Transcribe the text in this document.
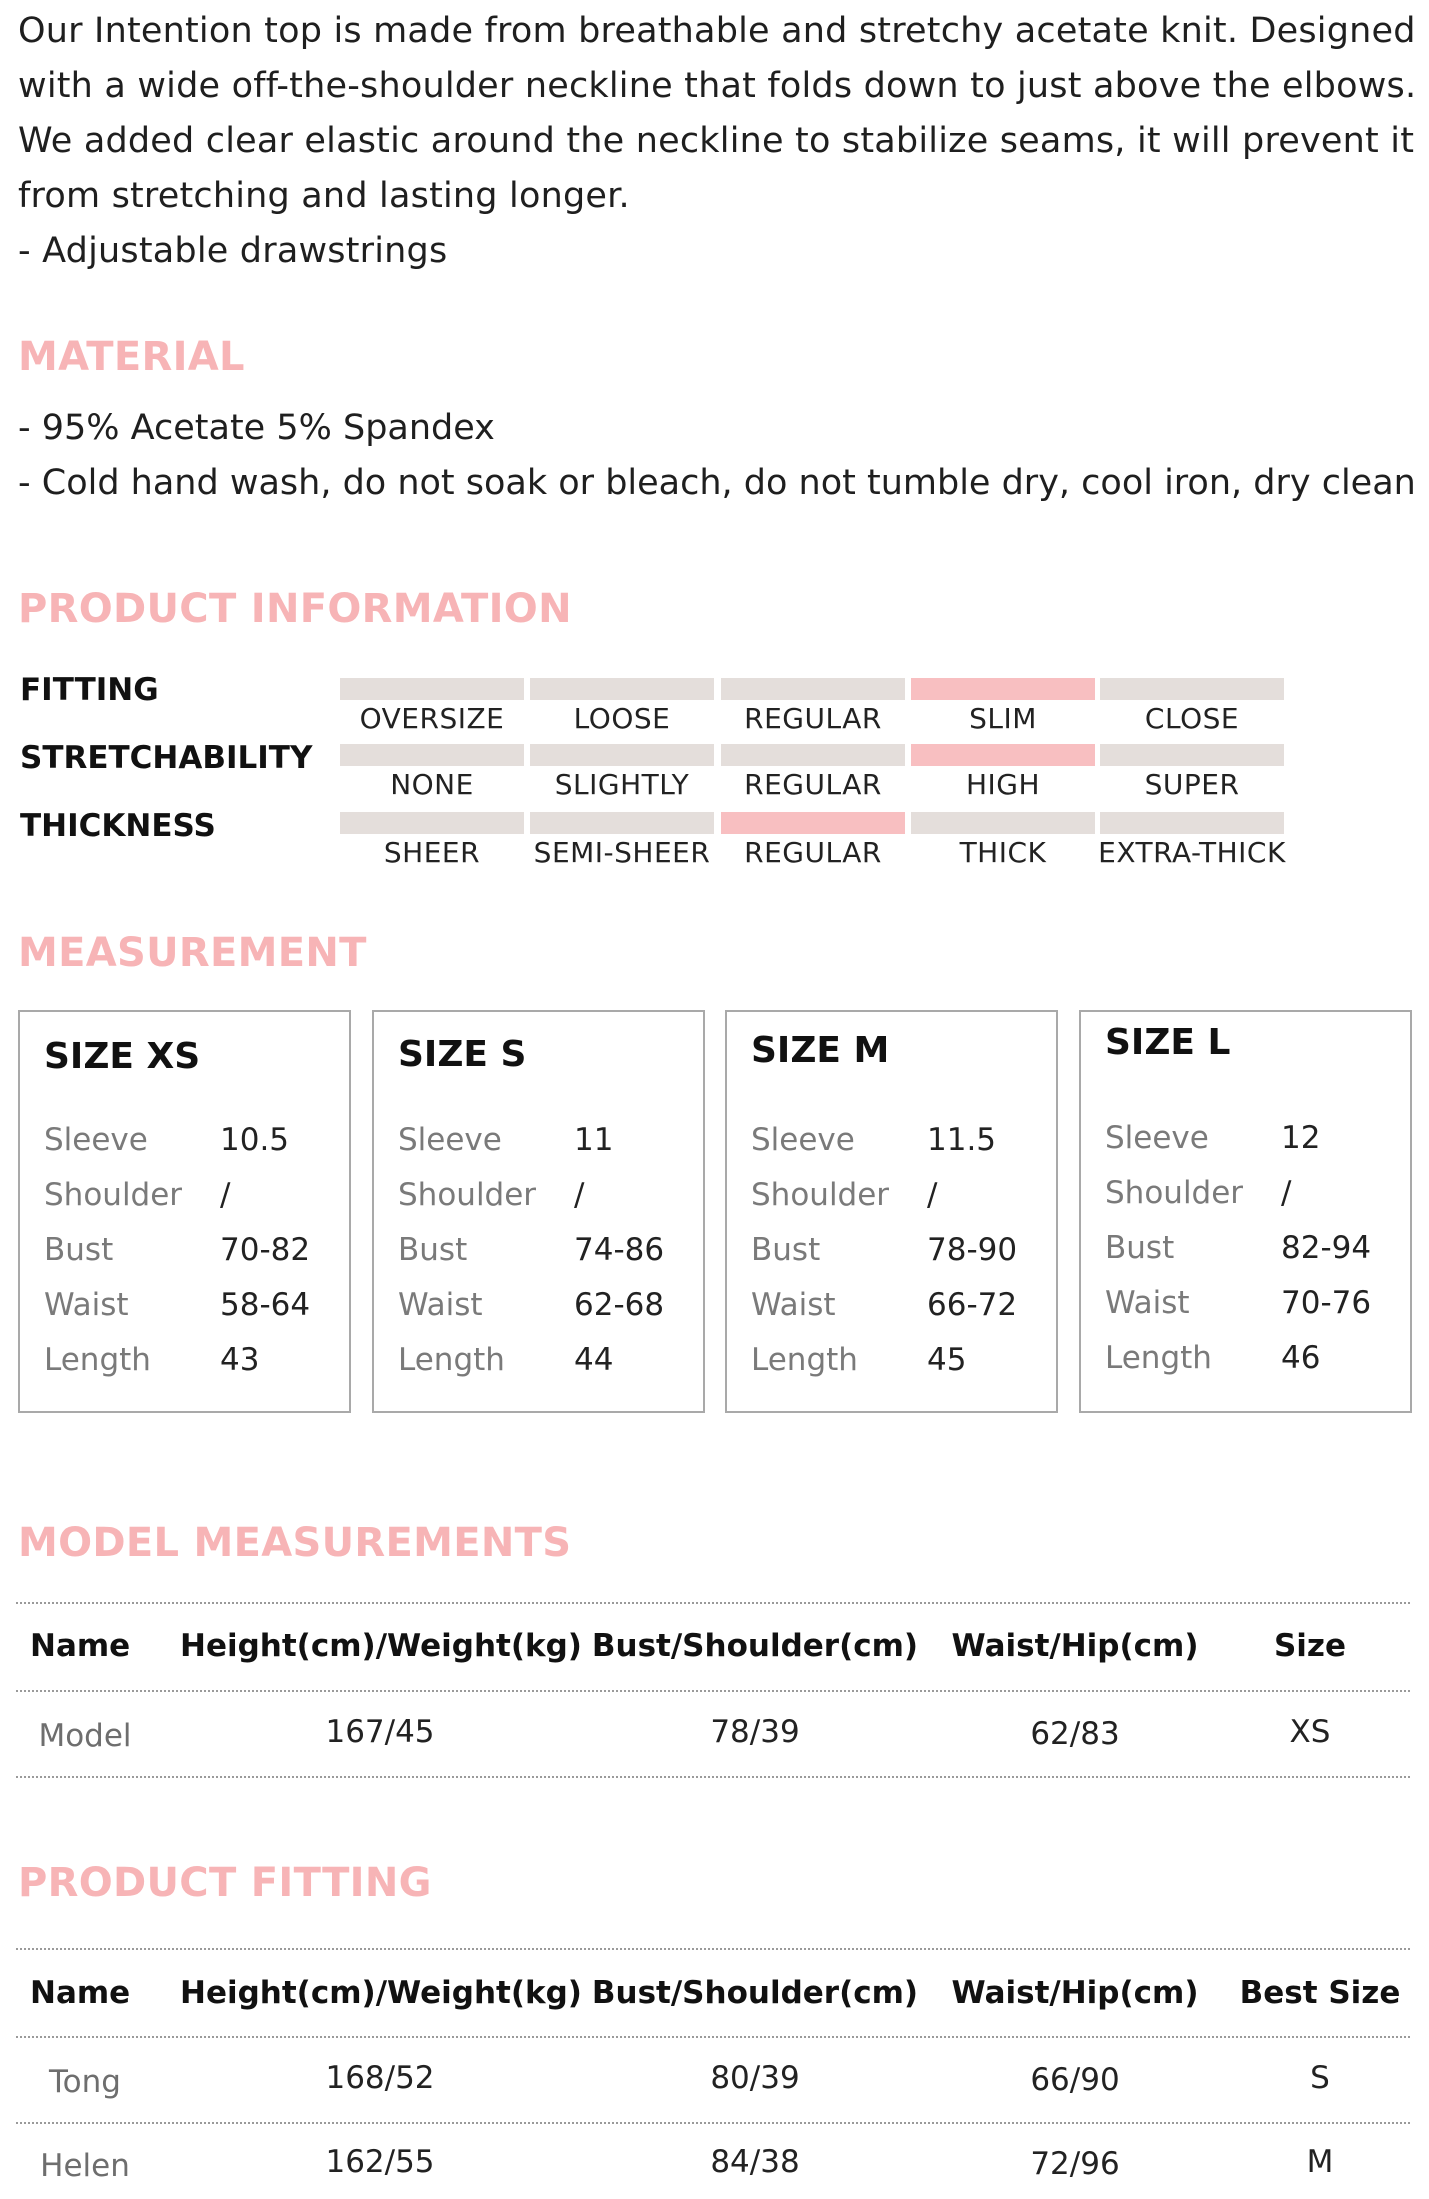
Our Intention top is made from breathable and stretchy acetate knit. Designed

with a wide off-the-shoulder neckline that folds down to just above the elbows.

We added clear elastic around the neckline to stabilize seams, it will prevent it

from stretching and lasting longer.

- Adjustable drawstrings

MATERIAL
- 95% Acetate 5% Spandex
- Cold hand wash, do not soak or bleach, do not tumble dry, cool iron, dry clean
PRODUCT INFORMATION
FITTING
STRETCHABILITY
THICKNESS
OVERSIZE	LOOSE	REGULAR	SLIM	CLOSE
NONE	SLIGHTLY	REGULAR	HIGH	SUPER
SHEER	SEMI-SHEER	REGULAR	THICK	EXTRA-THICK
MEASUREMENT
SIZE XS
Sleeve 10.5
Shoulder /
Bust	70-82
Waist	58-64
Length 43
SIZE S
Sleeve 11
Shoulder /
Bust	74-86
Waist	62-68
Length 44
SIZE M
Sleeve 11.5
Shoulder /
Bust	78-90
Waist	66-72
Length 45
SIZE L
Sleeve 12
Shoulder /
Bust	82-94
Waist	70-76
Length 46
MODEL MEASUREMENTS
Name Height(cm)/Weight(kg) Bust/Shoulder(cm)	Waist/Hip(cm)	Size
Model	167/45	78/39	62/83	XS
PRODUCT FITTING
Name Height(cm)/Weight(kg) Bust/Shoulder(cm)	Waist/Hip(cm)	Best Size
Tong	168/52	80/39	66/90	S
Helen	162/55	84/38	72/96	M
